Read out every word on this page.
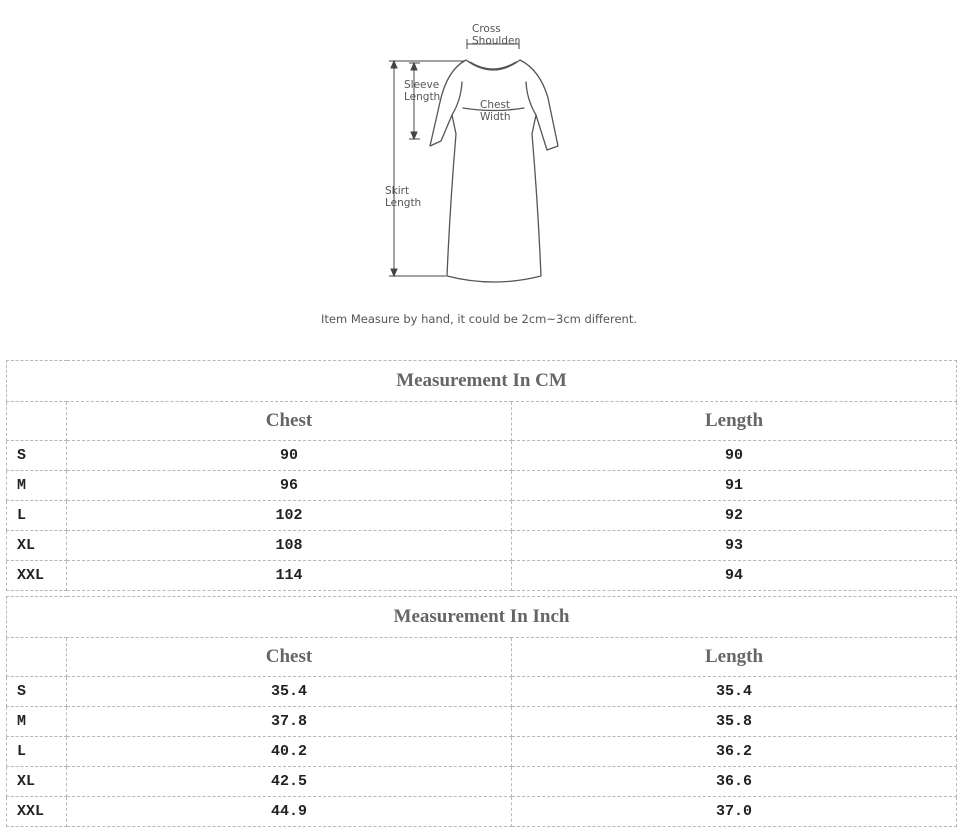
Cross
Shoulder
Sleeve
Length
Chest
Width
Skirt
Length
Item Measure by hand, it could be 2cm~3cm different.
Measurement In CM		
	Chest	Length
S	90	90
M	96	91
L	102	92
XL	108	93
XXL	114	94
Measurement In Inch		
	Chest	Length
S	35.4	35.4
M	37.8	35.8
L	40.2	36.2
XL	42.5	36.6
XXL	44.9	37.0
